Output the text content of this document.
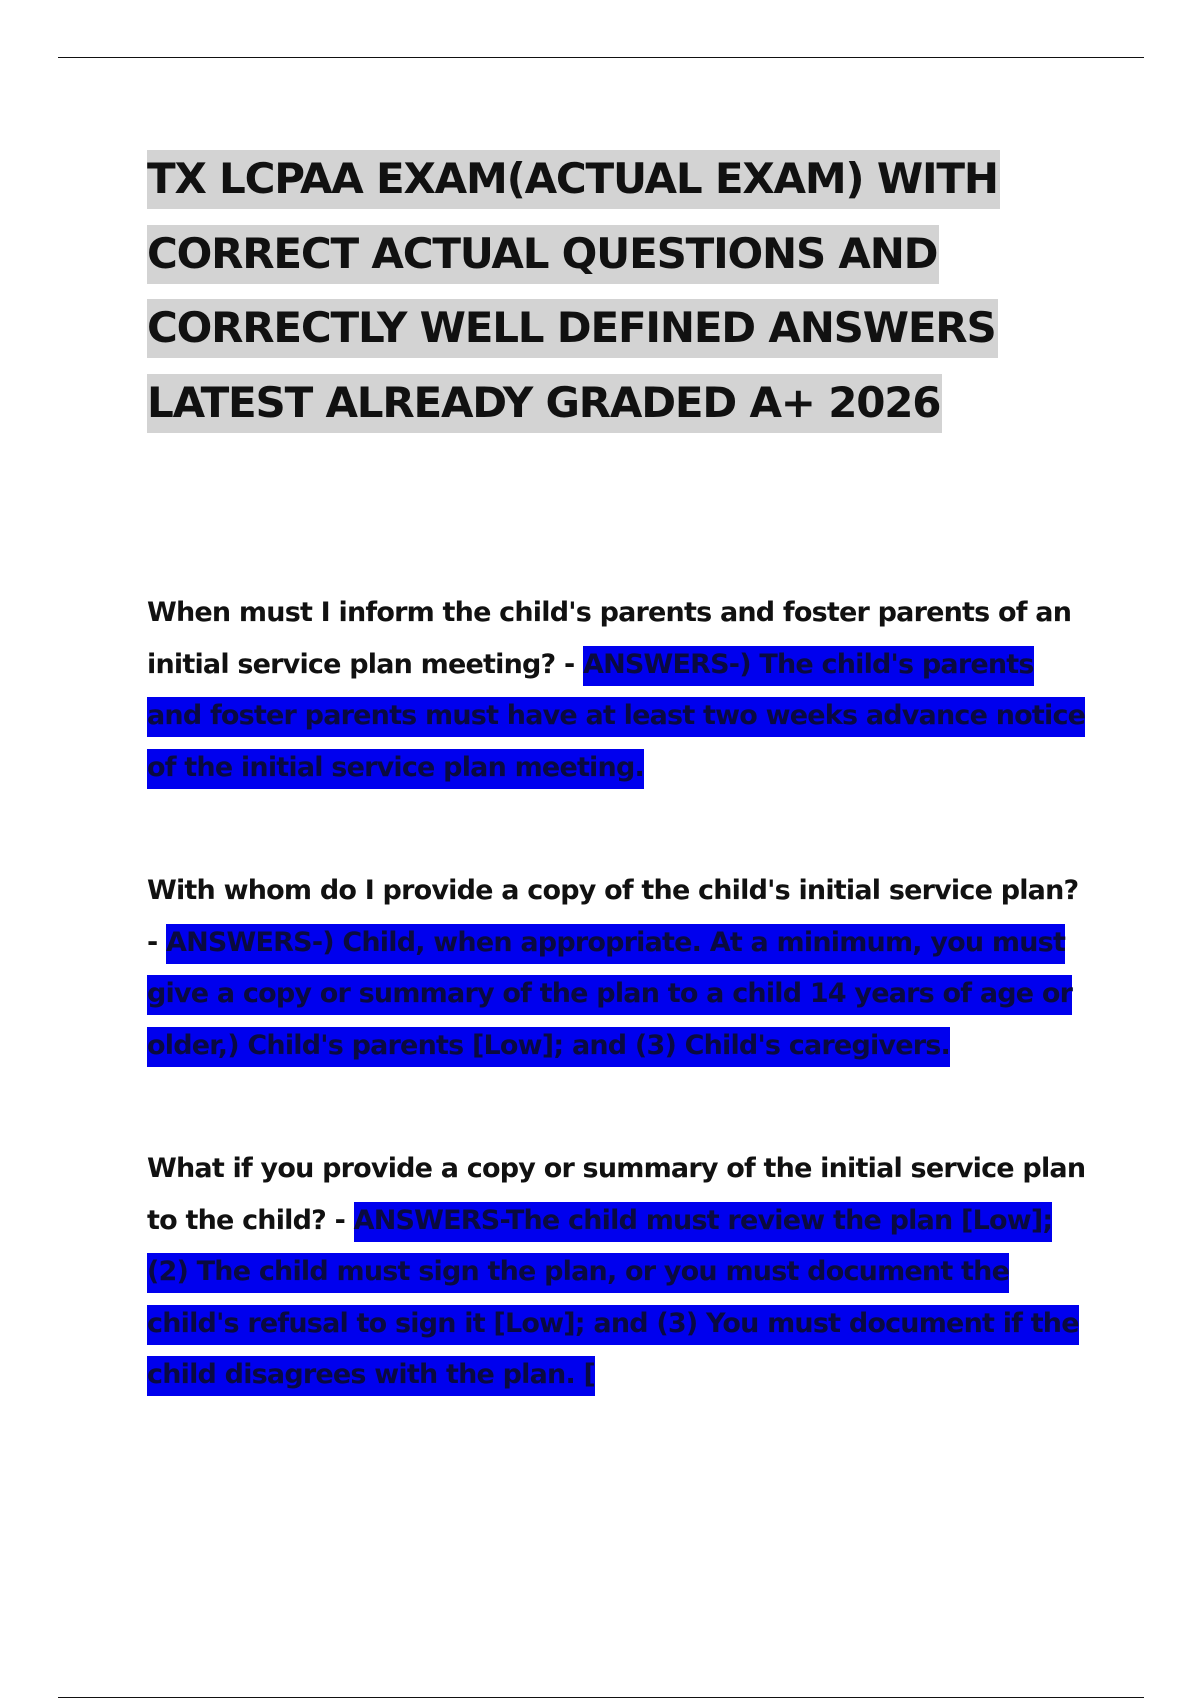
TX LCPAA EXAM(ACTUAL EXAM) WITH CORRECT ACTUAL QUESTIONS AND CORRECTLY WELL DEFINED ANSWERS LATEST ALREADY GRADED A+ 2026

When must I inform the child's parents and foster parents of an initial service plan meeting? - ANSWERS-) The child's parents and foster parents must have at least two weeks advance notice of the initial service plan meeting.

With whom do I provide a copy of the child's initial service plan? - ANSWERS-) Child, when appropriate. At a minimum, you must give a copy or summary of the plan to a child 14 years of age or older,) Child's parents [Low]; and (3) Child's caregivers.

What if you provide a copy or summary of the initial service plan to the child? - ANSWERS-The child must review the plan [Low]; (2) The child must sign the plan, or you must document the child's refusal to sign it [Low]; and (3) You must document if the child disagrees with the plan. [
